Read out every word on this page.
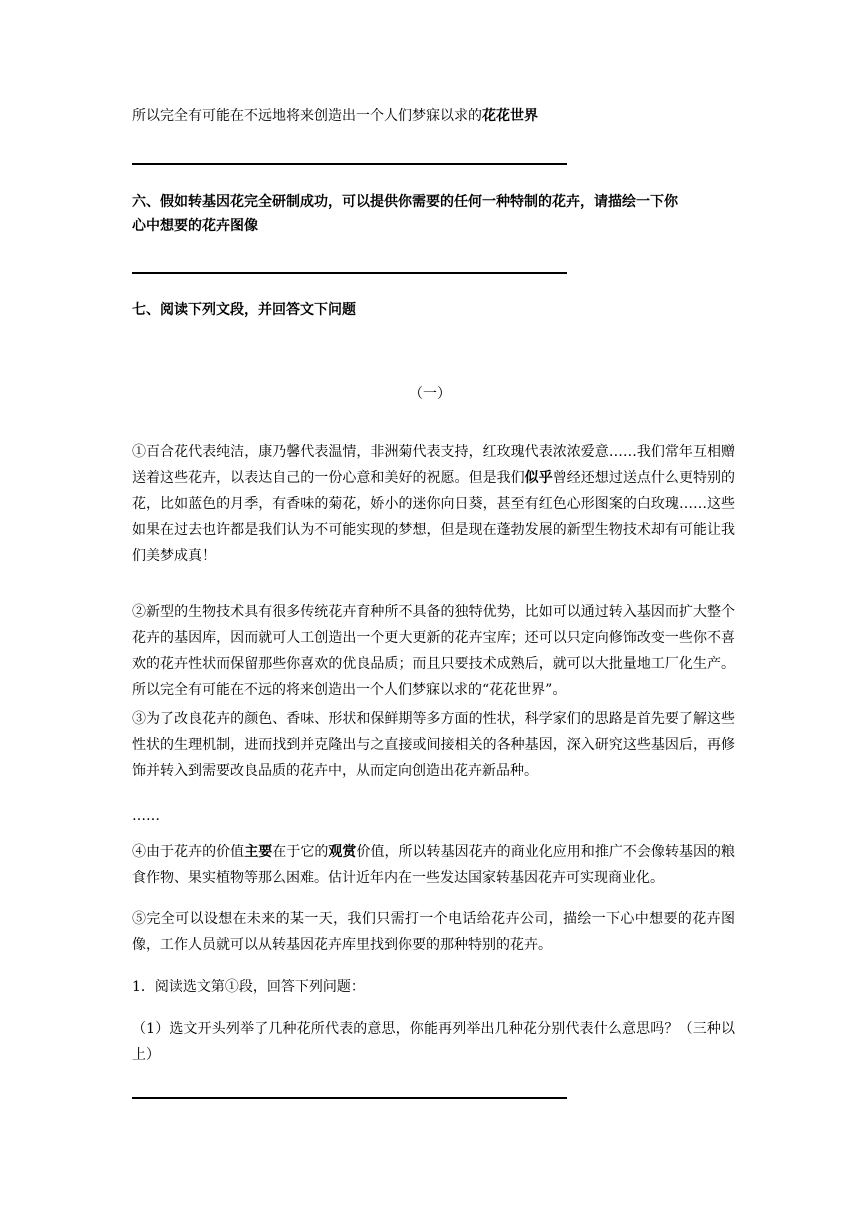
所以完全有可能在不远地将来创造出一个人们梦寐以求的花花世界
六、假如转基因花完全研制成功，可以提供你需要的任何一种特制的花卉，请描绘一下你
心中想要的花卉图像
七、阅读下列文段，并回答文下问题
（一）
①百合花代表纯洁，康乃馨代表温情，非洲菊代表支持，红玫瑰代表浓浓爱意……我们常年互相赠送着这些花卉，以表达自己的一份心意和美好的祝愿。但是我们似乎曾经还想过送点什么更特别的花，比如蓝色的月季，有香味的菊花，娇小的迷你向日葵，甚至有红色心形图案的白玫瑰……这些如果在过去也许都是我们认为不可能实现的梦想，但是现在蓬勃发展的新型生物技术却有可能让我们美梦成真！
②新型的生物技术具有很多传统花卉育种所不具备的独特优势，比如可以通过转入基因而扩大整个花卉的基因库，因而就可人工创造出一个更大更新的花卉宝库；还可以只定向修饰改变一些你不喜欢的花卉性状而保留那些你喜欢的优良品质；而且只要技术成熟后，就可以大批量地工厂化生产。所以完全有可能在不远的将来创造出一个人们梦寐以求的“花花世界”。
③为了改良花卉的颜色、香味、形状和保鲜期等多方面的性状，科学家们的思路是首先要了解这些性状的生理机制，进而找到并克隆出与之直接或间接相关的各种基因，深入研究这些基因后，再修饰并转入到需要改良品质的花卉中，从而定向创造出花卉新品种。
……
④由于花卉的价值主要在于它的观赏价值，所以转基因花卉的商业化应用和推广不会像转基因的粮食作物、果实植物等那么困难。估计近年内在一些发达国家转基因花卉可实现商业化。
⑤完全可以设想在未来的某一天，我们只需打一个电话给花卉公司，描绘一下心中想要的花卉图像，工作人员就可以从转基因花卉库里找到你要的那种特别的花卉。
1．阅读选文第①段，回答下列问题：
（1）选文开头列举了几种花所代表的意思，你能再列举出几种花分别代表什么意思吗？（三种以上）
